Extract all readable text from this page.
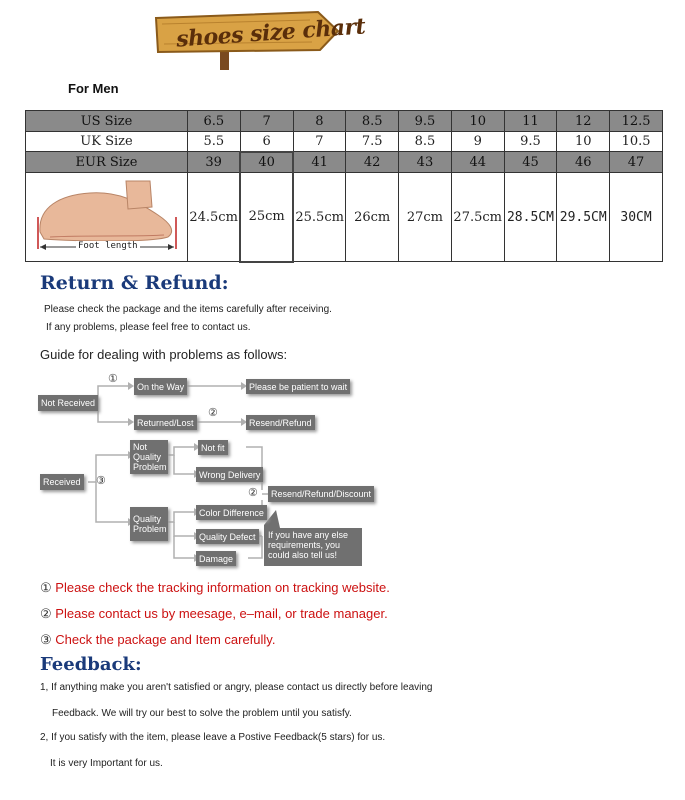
shoes size chart
For Men
US Size	6.5	7	8	8.5	9.5	10	11	12	12.5
UK Size	5.5	6	7	7.5	8.5	9	9.5	10	10.5
EUR Size	39	40	41	42	43	44	45	46	47

Foot length	24.5cm	25cm	25.5cm	26cm	27cm	27.5cm	28.5CM	29.5CM	30CM
Return & Refund:
Please check the package and the items carefully after receiving.
If any problems, please feel free to contact us.
Guide for dealing with problems as follows:
Not Received
①
On the Way	Please be patient to wait
Returned/Lost
②
Resend/Refund
Received ③
Not Quality Problem
Not fit
Wrong Delivery
Quality Problem
Color Difference
Quality Defect
Damage
②	Resend/Refund/Discount
If you have any else requirements, you could also tell us!
① Please check the tracking information on tracking website.
② Please contact us by meesage, e–mail, or trade manager.
③ Check the package and Item carefully.
Feedback:
1, If anything make you aren't satisfied or angry, please contact us directly before leaving
Feedback. We will try our best to solve the problem until you satisfy.
2, If you satisfy with the item, please leave a Postive Feedback(5 stars) for us.
It is very Important for us.
